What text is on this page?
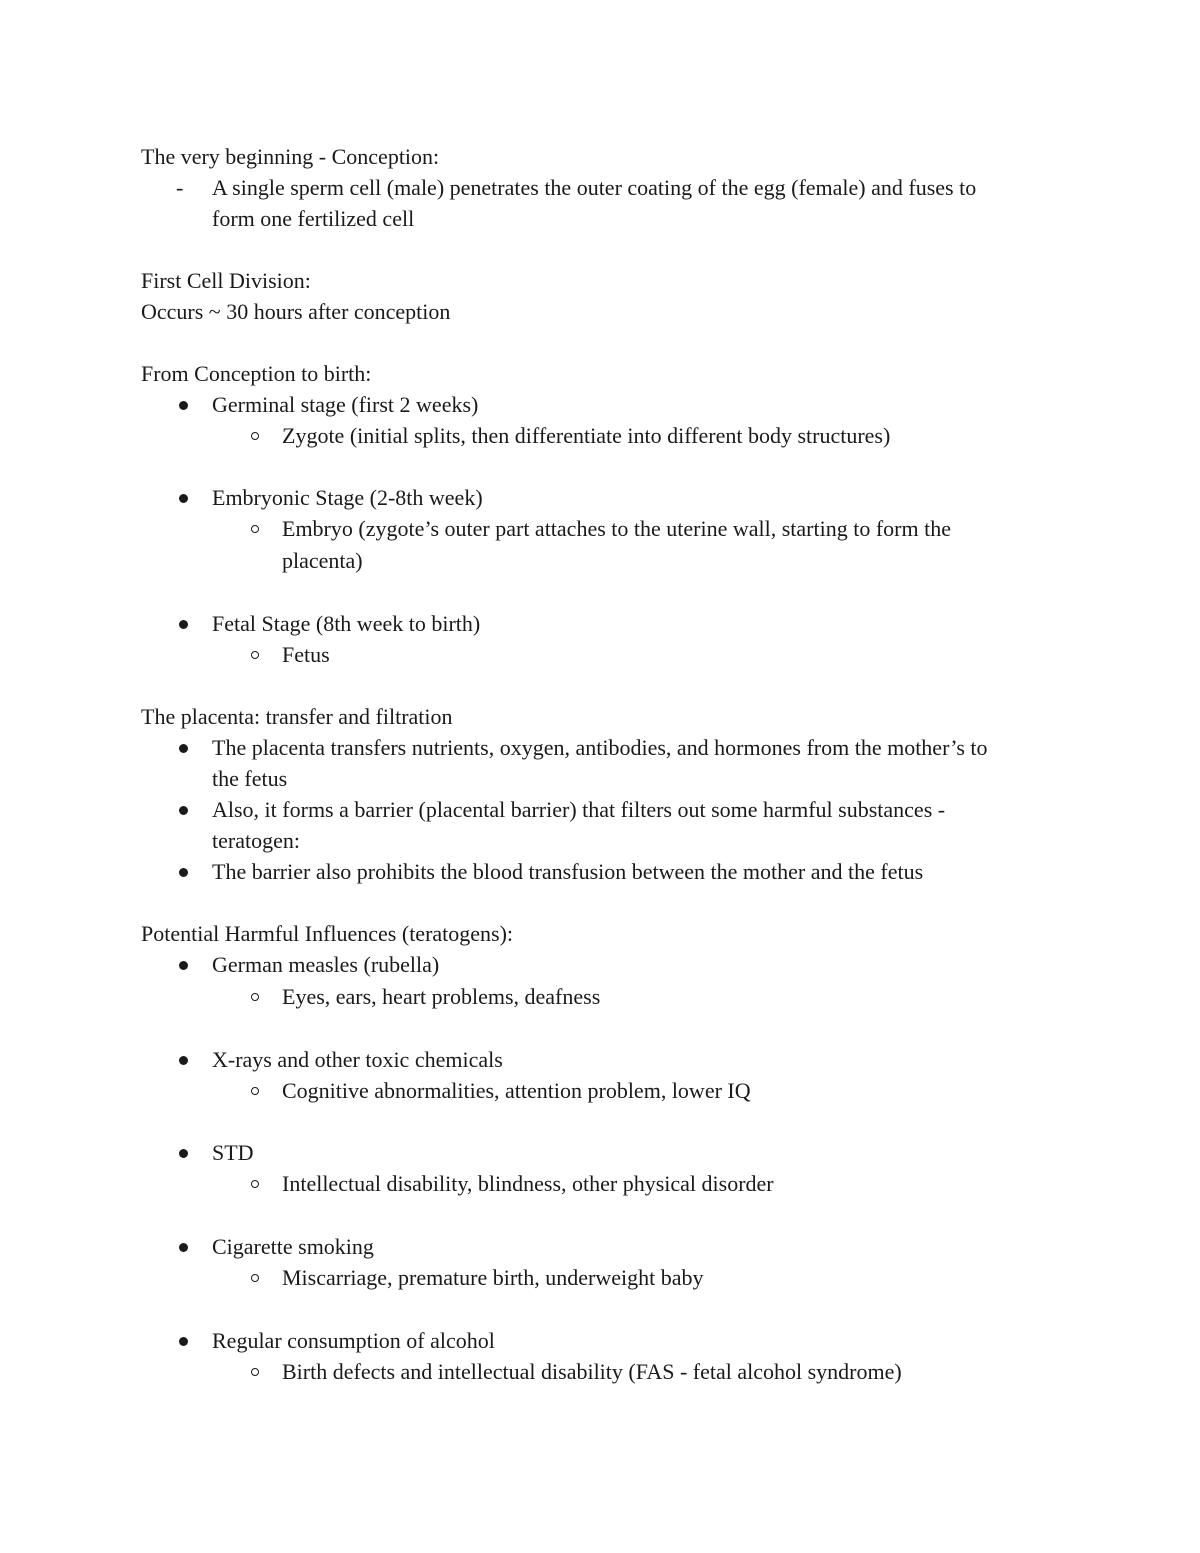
The very beginning - Conception:
- A single sperm cell (male) penetrates the outer coating of the egg (female) and fuses to
form one fertilized cell
First Cell Division:
Occurs ~ 30 hours after conception
From Conception to birth:
Germinal stage (first 2 weeks)
Zygote (initial splits, then differentiate into different body structures)
Embryonic Stage (2-8th week)
Embryo (zygote’s outer part attaches to the uterine wall, starting to form the
placenta)
Fetal Stage (8th week to birth)
Fetus
The placenta: transfer and filtration
The placenta transfers nutrients, oxygen, antibodies, and hormones from the mother’s to
the fetus
Also, it forms a barrier (placental barrier) that filters out some harmful substances -
teratogen:
The barrier also prohibits the blood transfusion between the mother and the fetus
Potential Harmful Influences (teratogens):
German measles (rubella)
Eyes, ears, heart problems, deafness
X-rays and other toxic chemicals
Cognitive abnormalities, attention problem, lower IQ
STD
Intellectual disability, blindness, other physical disorder
Cigarette smoking
Miscarriage, premature birth, underweight baby
Regular consumption of alcohol
Birth defects and intellectual disability (FAS - fetal alcohol syndrome)
